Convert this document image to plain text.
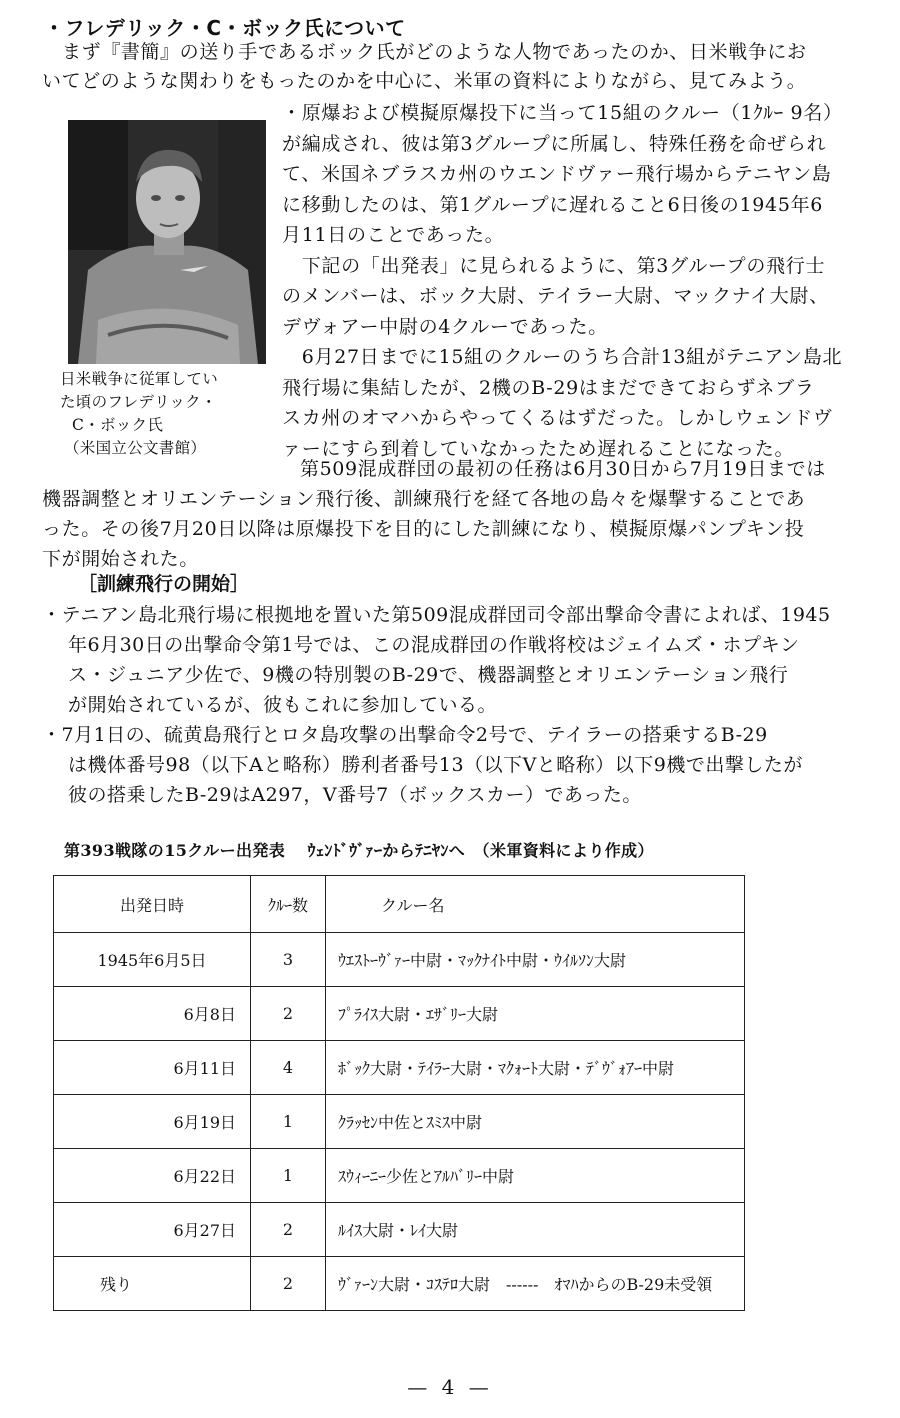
・フレデリック・C・ボック氏について
まず『書簡』の送り手であるボック氏がどのような人物であったのか、日米戦争にお
いてどのような関わりをもったのかを中心に、米軍の資料によりながら、見てみよう。
日米戦争に従軍してい
た頃のフレデリック・
C・ボック氏
（米国立公文書館）
・原爆および模擬原爆投下に当って15組のクルー（1ｸﾙｰ 9名）
が編成され、彼は第3グループに所属し、特殊任務を命ぜられ
て、米国ネブラスカ州のウエンドヴァー飛行場からテニヤン島
に移動したのは、第1グループに遅れること6日後の1945年6
月11日のことであった。
　下記の「出発表」に見られるように、第3グループの飛行士
のメンバーは、ボック大尉、テイラー大尉、マックナイ大尉、
デヴォアー中尉の4クルーであった。
　6月27日までに15組のクルーのうち合計13組がテニアン島北
飛行場に集結したが、2機のB-29はまだできておらずネブラ
スカ州のオマハからやってくるはずだった。しかしウェンドヴ
ァーにすら到着していなかったため遅れることになった。
第509混成群団の最初の任務は6月30日から7月19日までは
機器調整とオリエンテーション飛行後、訓練飛行を経て各地の島々を爆撃することであ
った。その後7月20日以降は原爆投下を目的にした訓練になり、模擬原爆パンプキン投
下が開始された。
［訓練飛行の開始］
・テニアン島北飛行場に根拠地を置いた第509混成群団司令部出撃命令書によれば、1945
年6月30日の出撃命令第1号では、この混成群団の作戦将校はジェイムズ・ホプキン
ス・ジュニア少佐で、9機の特別製のB-29で、機器調整とオリエンテーション飛行
が開始されているが、彼もこれに参加している。
・7月1日の、硫黄島飛行とロタ島攻撃の出撃命令2号で、テイラーの搭乗するB-29
は機体番号98（以下Aと略称）勝利者番号13（以下Vと略称）以下9機で出撃したが
彼の搭乗したB-29はA297，V番号7（ボックスカー）であった。
第393戦隊の15クルー出発表　 ｳｪﾝﾄﾞｳﾞｧｰからﾃﾆﾔﾝへ　（米軍資料により作成）
出発日時	ｸﾙｰ数	クルー名
1945年6月5日	3	ｳｴｽﾄｰｳﾞｧｰ中尉・ﾏｯｸﾅｲﾄ中尉・ｳｲﾙｿﾝ大尉
6月8日	2	ﾌﾟﾗｲｽ大尉・ｴｻﾞﾘｰ大尉
6月11日	4	ﾎﾞｯｸ大尉・ﾃｲﾗｰ大尉・ﾏｸｫｰﾄ大尉・ﾃﾞｳﾞｫｱｰ中尉
6月19日	1	ｸﾗｯｾﾝ中佐とｽﾐｽ中尉
6月22日	1	ｽｳｨｰﾆｰ少佐とｱﾙﾊﾞﾘｰ中尉
6月27日	2	ﾙｲｽ大尉・ﾚｲ大尉
残り	2	ｳﾞｧｰﾝ大尉・ｺｽﾃﾛ大尉　------　ｵﾏﾊからのB-29未受領
— 4 —
